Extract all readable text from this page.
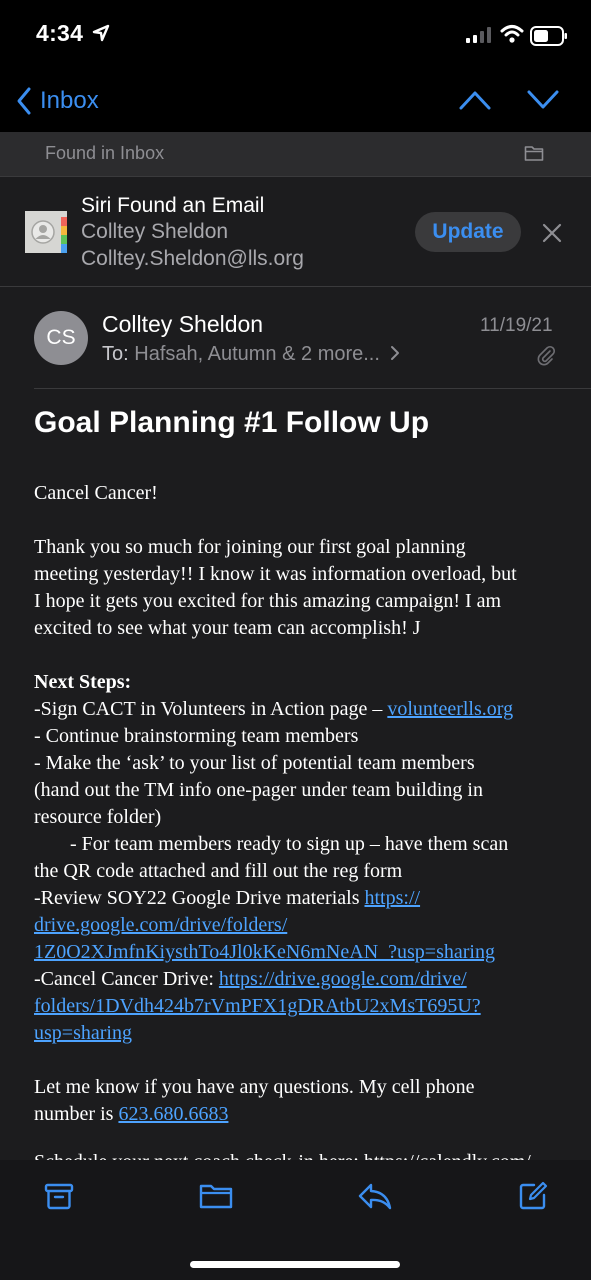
4:34
Inbox
Found in Inbox
Siri Found an Email
Colltey Sheldon
Colltey.Sheldon@lls.org
Update
CS
Colltey Sheldon
To: Hafsah, Autumn & 2 more...
11/19/21
Goal Planning #1 Follow Up

Cancel Cancer!

Thank you so much for joining our first goal planning

meeting yesterday!! I know it was information overload, but

I hope it gets you excited for this amazing campaign! I am

excited to see what your team can accomplish! J

Next Steps:

-Sign CACT in Volunteers in Action page – volunteerlls.org

- Continue brainstorming team members

- Make the ‘ask’ to your list of potential team members

(hand out the TM info one-pager under team building in

resource folder)

- For team members ready to sign up – have them scan

the QR code attached and fill out the reg form

-Review SOY22 Google Drive materials https://

drive.google.com/drive/folders/

1Z0O2XJmfnKiysthTo4Jl0kKeN6mNeAN_?usp=sharing

-Cancel Cancer Drive: https://drive.google.com/drive/

folders/1DVdh424b7rVmPFX1gDRAtbU2xMsT695U?

usp=sharing

Let me know if you have any questions. My cell phone

number is 623.680.6683
